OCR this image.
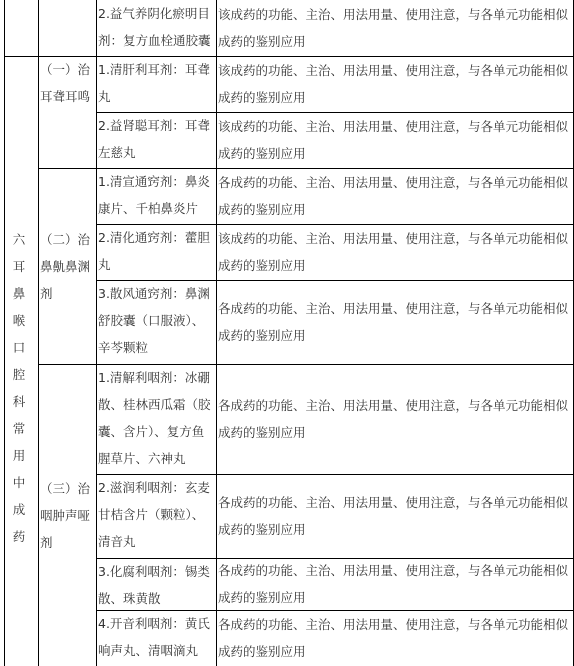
六
耳
鼻
喉
口
腔
科
常
用
中
成
药
（一）治耳聋耳鸣
（二）治鼻鼽鼻渊剂
（三）治咽肿声哑剂
2.益气养阴化瘀明目剂：复方血栓通胶囊
1.清肝利耳剂：耳聋丸
2.益肾聪耳剂：耳聋左慈丸
1.清宣通窍剂：鼻炎康片、千柏鼻炎片
2.清化通窍剂：藿胆丸
3.散风通窍剂：鼻渊舒胶囊（口服液）、辛芩颗粒
1.清解利咽剂：冰硼散、桂林西瓜霜（胶囊、含片）、复方鱼腥草片、六神丸
2.滋润利咽剂：玄麦甘桔含片（颗粒）、清音丸
3.化腐利咽剂：锡类散、珠黄散
4.开音利咽剂：黄氏响声丸、清咽滴丸
该成药的功能、主治、用法用量、使用注意，与各单元功能相似成药的鉴别应用
该成药的功能、主治、用法用量、使用注意，与各单元功能相似成药的鉴别应用
该成药的功能、主治、用法用量、使用注意，与各单元功能相似成药的鉴别应用
各成药的功能、主治、用法用量、使用注意，与各单元功能相似成药的鉴别应用
该成药的功能、主治、用法用量、使用注意，与各单元功能相似成药的鉴别应用
各成药的功能、主治、用法用量、使用注意，与各单元功能相似成药的鉴别应用
各成药的功能、主治、用法用量、使用注意，与各单元功能相似成药的鉴别应用
各成药的功能、主治、用法用量、使用注意，与各单元功能相似成药的鉴别应用
各成药的功能、主治、用法用量、使用注意，与各单元功能相似成药的鉴别应用
各成药的功能、主治、用法用量、使用注意，与各单元功能相似成药的鉴别应用
